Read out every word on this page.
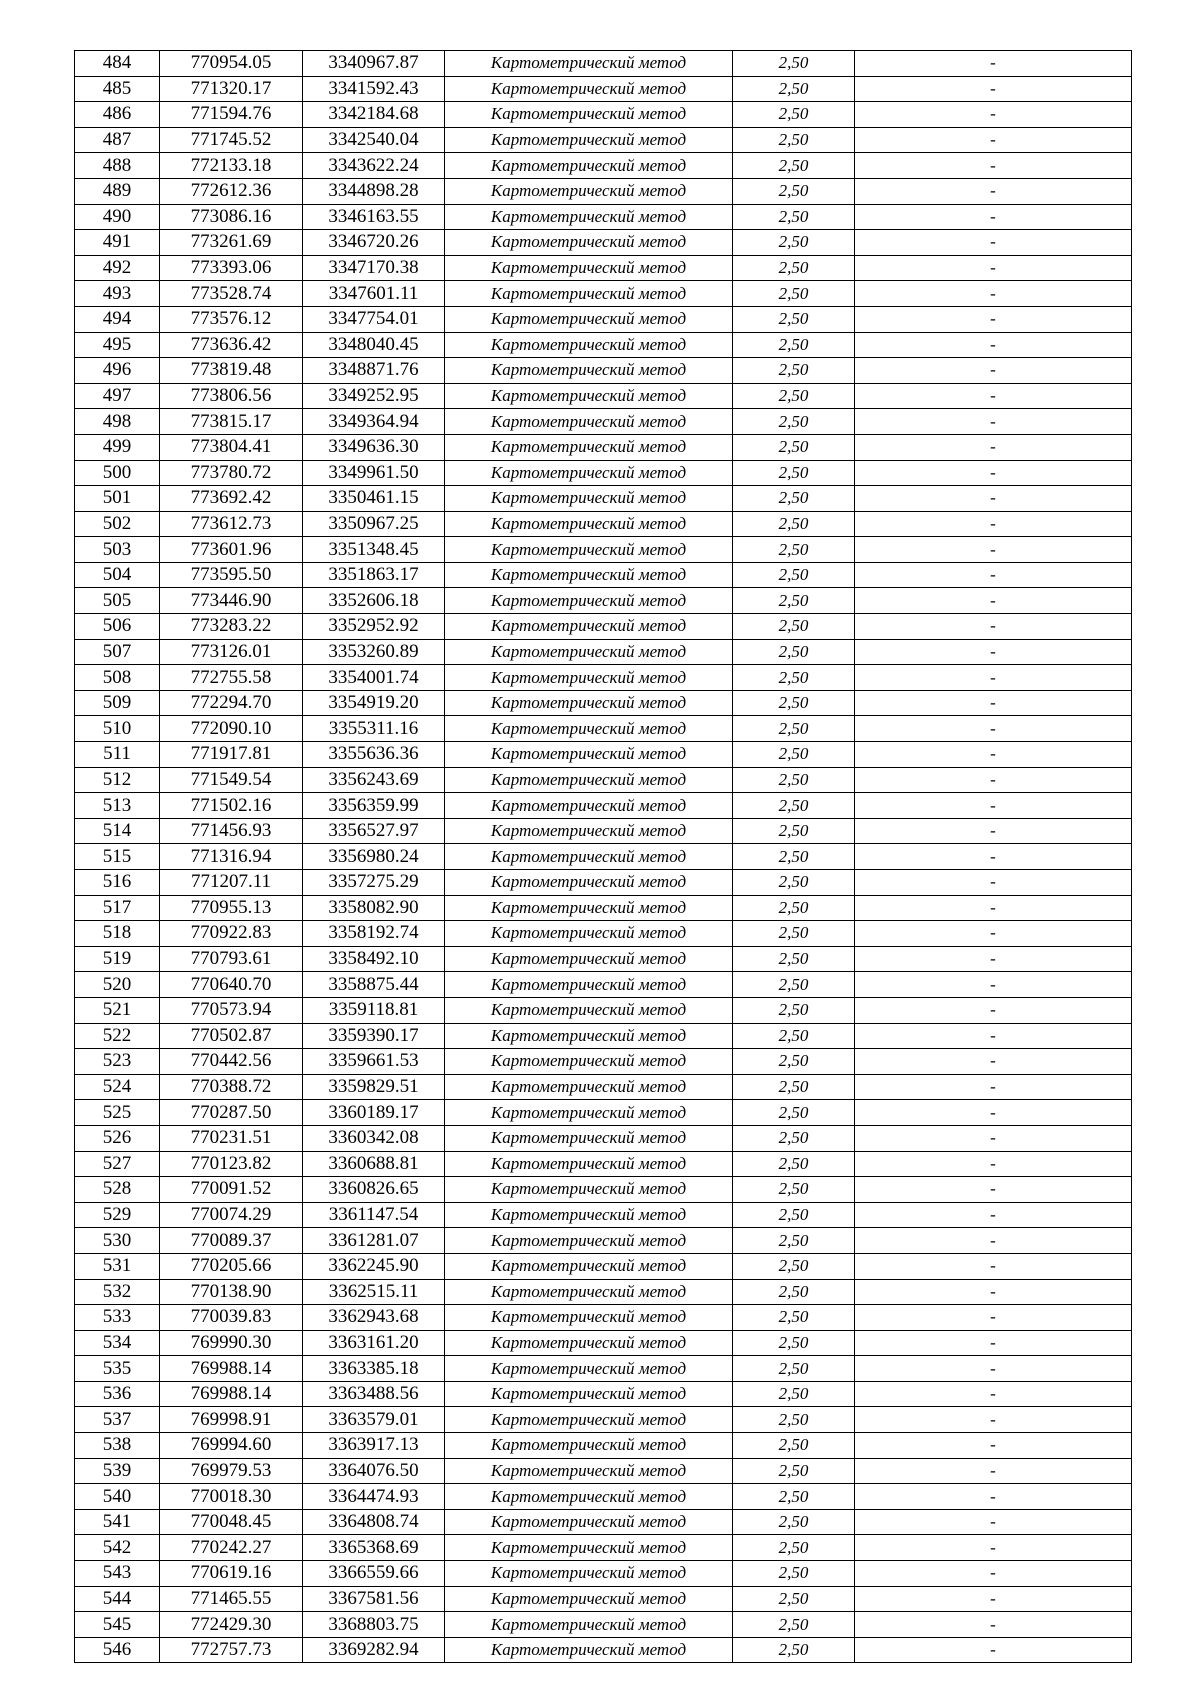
484	770954.05	3340967.87	Картометрический метод	2,50	-
485	771320.17	3341592.43	Картометрический метод	2,50	-
486	771594.76	3342184.68	Картометрический метод	2,50	-
487	771745.52	3342540.04	Картометрический метод	2,50	-
488	772133.18	3343622.24	Картометрический метод	2,50	-
489	772612.36	3344898.28	Картометрический метод	2,50	-
490	773086.16	3346163.55	Картометрический метод	2,50	-
491	773261.69	3346720.26	Картометрический метод	2,50	-
492	773393.06	3347170.38	Картометрический метод	2,50	-
493	773528.74	3347601.11	Картометрический метод	2,50	-
494	773576.12	3347754.01	Картометрический метод	2,50	-
495	773636.42	3348040.45	Картометрический метод	2,50	-
496	773819.48	3348871.76	Картометрический метод	2,50	-
497	773806.56	3349252.95	Картометрический метод	2,50	-
498	773815.17	3349364.94	Картометрический метод	2,50	-
499	773804.41	3349636.30	Картометрический метод	2,50	-
500	773780.72	3349961.50	Картометрический метод	2,50	-
501	773692.42	3350461.15	Картометрический метод	2,50	-
502	773612.73	3350967.25	Картометрический метод	2,50	-
503	773601.96	3351348.45	Картометрический метод	2,50	-
504	773595.50	3351863.17	Картометрический метод	2,50	-
505	773446.90	3352606.18	Картометрический метод	2,50	-
506	773283.22	3352952.92	Картометрический метод	2,50	-
507	773126.01	3353260.89	Картометрический метод	2,50	-
508	772755.58	3354001.74	Картометрический метод	2,50	-
509	772294.70	3354919.20	Картометрический метод	2,50	-
510	772090.10	3355311.16	Картометрический метод	2,50	-
511	771917.81	3355636.36	Картометрический метод	2,50	-
512	771549.54	3356243.69	Картометрический метод	2,50	-
513	771502.16	3356359.99	Картометрический метод	2,50	-
514	771456.93	3356527.97	Картометрический метод	2,50	-
515	771316.94	3356980.24	Картометрический метод	2,50	-
516	771207.11	3357275.29	Картометрический метод	2,50	-
517	770955.13	3358082.90	Картометрический метод	2,50	-
518	770922.83	3358192.74	Картометрический метод	2,50	-
519	770793.61	3358492.10	Картометрический метод	2,50	-
520	770640.70	3358875.44	Картометрический метод	2,50	-
521	770573.94	3359118.81	Картометрический метод	2,50	-
522	770502.87	3359390.17	Картометрический метод	2,50	-
523	770442.56	3359661.53	Картометрический метод	2,50	-
524	770388.72	3359829.51	Картометрический метод	2,50	-
525	770287.50	3360189.17	Картометрический метод	2,50	-
526	770231.51	3360342.08	Картометрический метод	2,50	-
527	770123.82	3360688.81	Картометрический метод	2,50	-
528	770091.52	3360826.65	Картометрический метод	2,50	-
529	770074.29	3361147.54	Картометрический метод	2,50	-
530	770089.37	3361281.07	Картометрический метод	2,50	-
531	770205.66	3362245.90	Картометрический метод	2,50	-
532	770138.90	3362515.11	Картометрический метод	2,50	-
533	770039.83	3362943.68	Картометрический метод	2,50	-
534	769990.30	3363161.20	Картометрический метод	2,50	-
535	769988.14	3363385.18	Картометрический метод	2,50	-
536	769988.14	3363488.56	Картометрический метод	2,50	-
537	769998.91	3363579.01	Картометрический метод	2,50	-
538	769994.60	3363917.13	Картометрический метод	2,50	-
539	769979.53	3364076.50	Картометрический метод	2,50	-
540	770018.30	3364474.93	Картометрический метод	2,50	-
541	770048.45	3364808.74	Картометрический метод	2,50	-
542	770242.27	3365368.69	Картометрический метод	2,50	-
543	770619.16	3366559.66	Картометрический метод	2,50	-
544	771465.55	3367581.56	Картометрический метод	2,50	-
545	772429.30	3368803.75	Картометрический метод	2,50	-
546	772757.73	3369282.94	Картометрический метод	2,50	-
